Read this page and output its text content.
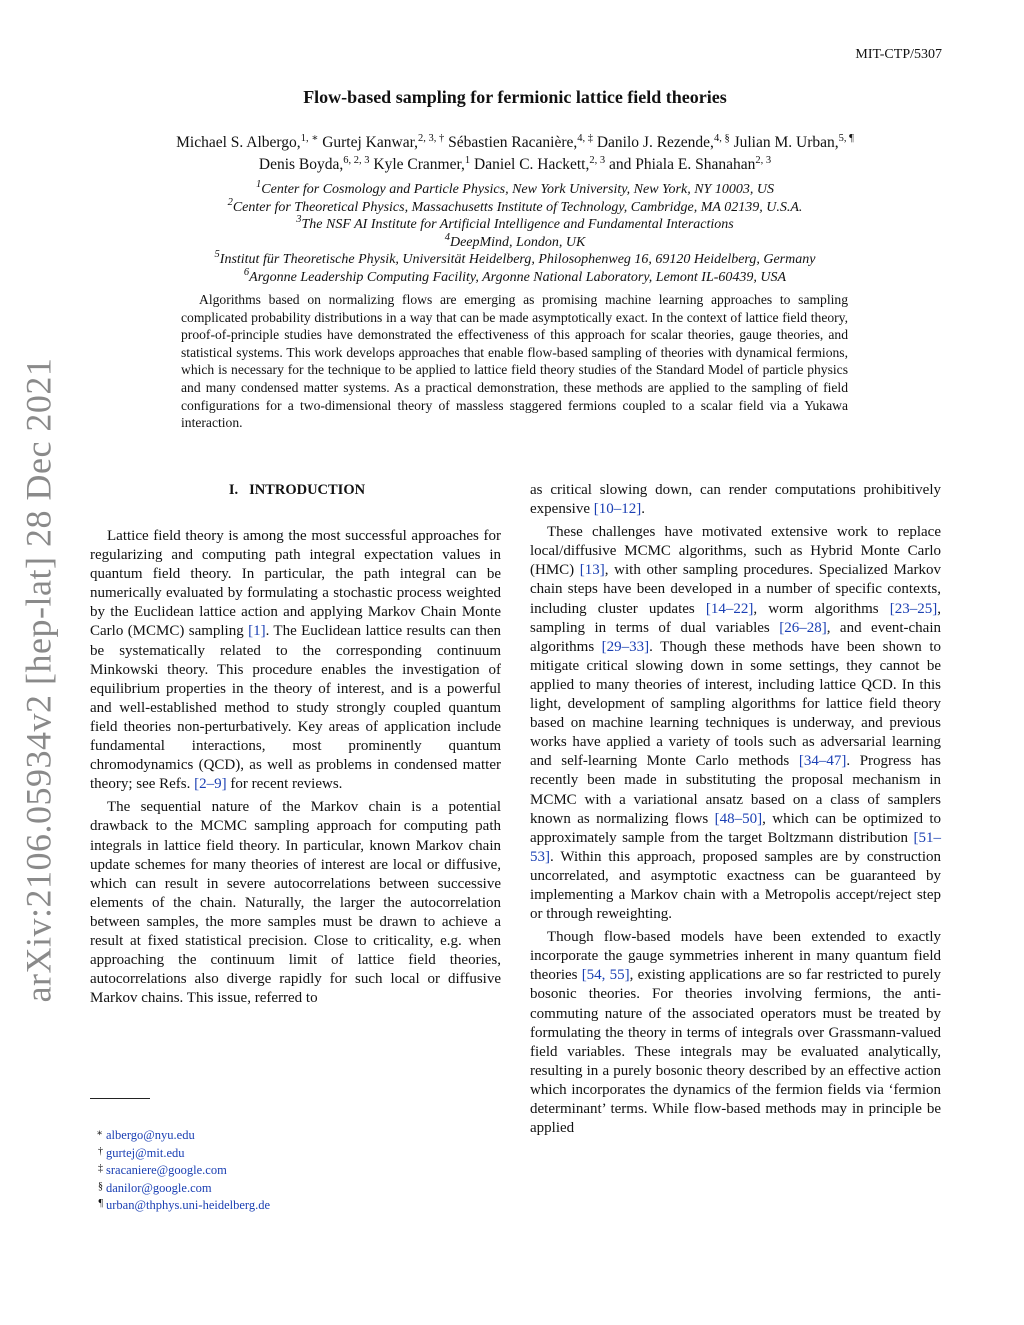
MIT-CTP/5307
arXiv:2106.05934v2 [hep-lat] 28 Dec 2021
Flow-based sampling for fermionic lattice field theories
Michael S. Albergo,$^{1, ∗}$ Gurtej Kanwar,$^{2, 3, \dagger}$ Sébastien Racanière,$^{4, \ddagger}$ Danilo J. Rezende,$^{4, \S}$ Julian M. Urban,$^{5, \P}$
Denis Boyda,$^{6, 2, 3}$ Kyle Cranmer,$^1$ Daniel C. Hackett,$^{2, 3}$ and Phiala E. Shanahan$^{2, 3}$
$^1$Center for Cosmology and Particle Physics, New York University, New York, NY 10003, US
$^2$Center for Theoretical Physics, Massachusetts Institute of Technology, Cambridge, MA 02139, U.S.A.
$^3$The NSF AI Institute for Artificial Intelligence and Fundamental Interactions
$^4$DeepMind, London, UK
$^5$Institut für Theoretische Physik, Universität Heidelberg, Philosophenweg 16, 69120 Heidelberg, Germany
$^6$Argonne Leadership Computing Facility, Argonne National Laboratory, Lemont IL-60439, USA

Algorithms based on normalizing flows are emerging as promising machine learning approaches to sampling complicated probability distributions in a way that can be made asymptotically exact. In the context of lattice field theory, proof-of-principle studies have demonstrated the effectiveness of this approach for scalar theories, gauge theories, and statistical systems. This work develops approaches that enable flow-based sampling of theories with dynamical fermions, which is necessary for the technique to be applied to lattice field theory studies of the Standard Model of particle physics and many condensed matter systems. As a practical demonstration, these methods are applied to the sampling of field configurations for a two-dimensional theory of massless staggered fermions coupled to a scalar field via a Yukawa interaction.

I. INTRODUCTION

Lattice field theory is among the most successful approaches for regularizing and computing path integral expectation values in quantum field theory. In particular, the path integral can be numerically evaluated by formulating a stochastic process weighted by the Euclidean lattice action and applying Markov Chain Monte Carlo (MCMC) sampling [1]. The Euclidean lattice results can then be systematically related to the corresponding continuum Minkowski theory. This procedure enables the investigation of equilibrium properties in the theory of interest, and is a powerful and well-established method to study strongly coupled quantum field theories non-perturbatively. Key areas of application include fundamental interactions, most prominently quantum chromodynamics (QCD), as well as problems in condensed matter theory; see Refs. [2–9] for recent reviews.

The sequential nature of the Markov chain is a potential drawback to the MCMC sampling approach for computing path integrals in lattice field theory. In particular, known Markov chain update schemes for many theories of interest are local or diffusive, which can result in severe autocorrelations between successive elements of the chain. Naturally, the larger the autocorrelation between samples, the more samples must be drawn to achieve a result at fixed statistical precision. Close to criticality, e.g. when approaching the continuum limit of lattice field theories, autocorrelations also diverge rapidly for such local or diffusive Markov chains. This issue, referred to

as critical slowing down, can render computations prohibitively expensive [10–12].

These challenges have motivated extensive work to replace local/diffusive MCMC algorithms, such as Hybrid Monte Carlo (HMC) [13], with other sampling procedures. Specialized Markov chain steps have been developed in a number of specific contexts, including cluster updates [14–22], worm algorithms [23–25], sampling in terms of dual variables [26–28], and event-chain algorithms [29–33]. Though these methods have been shown to mitigate critical slowing down in some settings, they cannot be applied to many theories of interest, including lattice QCD. In this light, development of sampling algorithms for lattice field theory based on machine learning techniques is underway, and previous works have applied a variety of tools such as adversarial learning and self-learning Monte Carlo methods [34–47]. Progress has recently been made in substituting the proposal mechanism in MCMC with a variational ansatz based on a class of samplers known as normalizing flows [48–50], which can be optimized to approximately sample from the target Boltzmann distribution [51–53]. Within this approach, proposed samples are by construction uncorrelated, and asymptotic exactness can be guaranteed by implementing a Markov chain with a Metropolis accept/reject step or through reweighting.

Though flow-based models have been extended to exactly incorporate the gauge symmetries inherent in many quantum field theories [54, 55], existing applications are so far restricted to purely bosonic theories. For theories involving fermions, the anti-commuting nature of the associated operators must be treated by formulating the theory in terms of integrals over Grassmann-valued field variables. These integrals may be evaluated analytically, resulting in a purely bosonic theory described by an effective action which incorporates the dynamics of the fermion fields via ‘fermion determinant’ terms. While flow-based methods may in principle be applied

∗ albergo@nyu.edu
† gurtej@mit.edu
‡ sracaniere@google.com
§ danilor@google.com
¶ urban@thphys.uni-heidelberg.de
